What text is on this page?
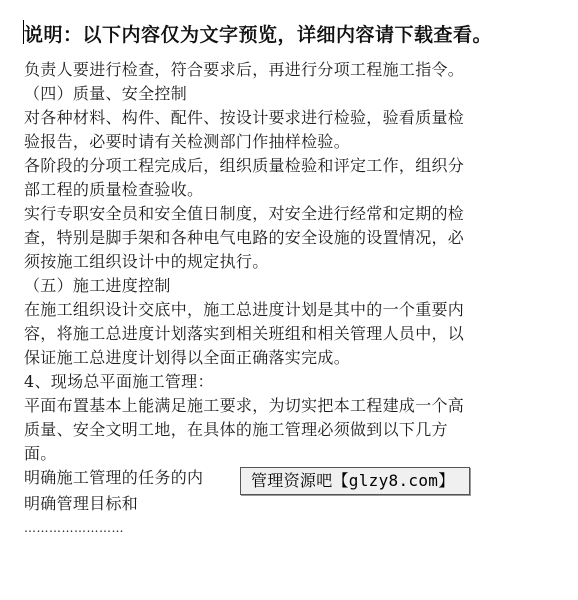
说明：以下内容仅为文字预览，详细内容请下载查看。
负责人要进行检查，符合要求后，再进行分项工程施工指令。
（四）质量、安全控制
对各种材料、构件、配件、按设计要求进行检验，验看质量检
验报告，必要时请有关检测部门作抽样检验。
各阶段的分项工程完成后，组织质量检验和评定工作，组织分
部工程的质量检查验收。
实行专职安全员和安全值日制度，对安全进行经常和定期的检
查，特别是脚手架和各种电气电路的安全设施的设置情况，必
须按施工组织设计中的规定执行。
（五）施工进度控制
在施工组织设计交底中，施工总进度计划是其中的一个重要内
容，将施工总进度计划落实到相关班组和相关管理人员中，以
保证施工总进度计划得以全面正确落实完成。
4、现场总平面施工管理：
平面布置基本上能满足施工要求，为切实把本工程建成一个高
质量、安全文明工地，在具体的施工管理必须做到以下几方
面。
明确施工管理的任务的内	管理资源吧【glzy8.com】
明确管理目标和
……………………
